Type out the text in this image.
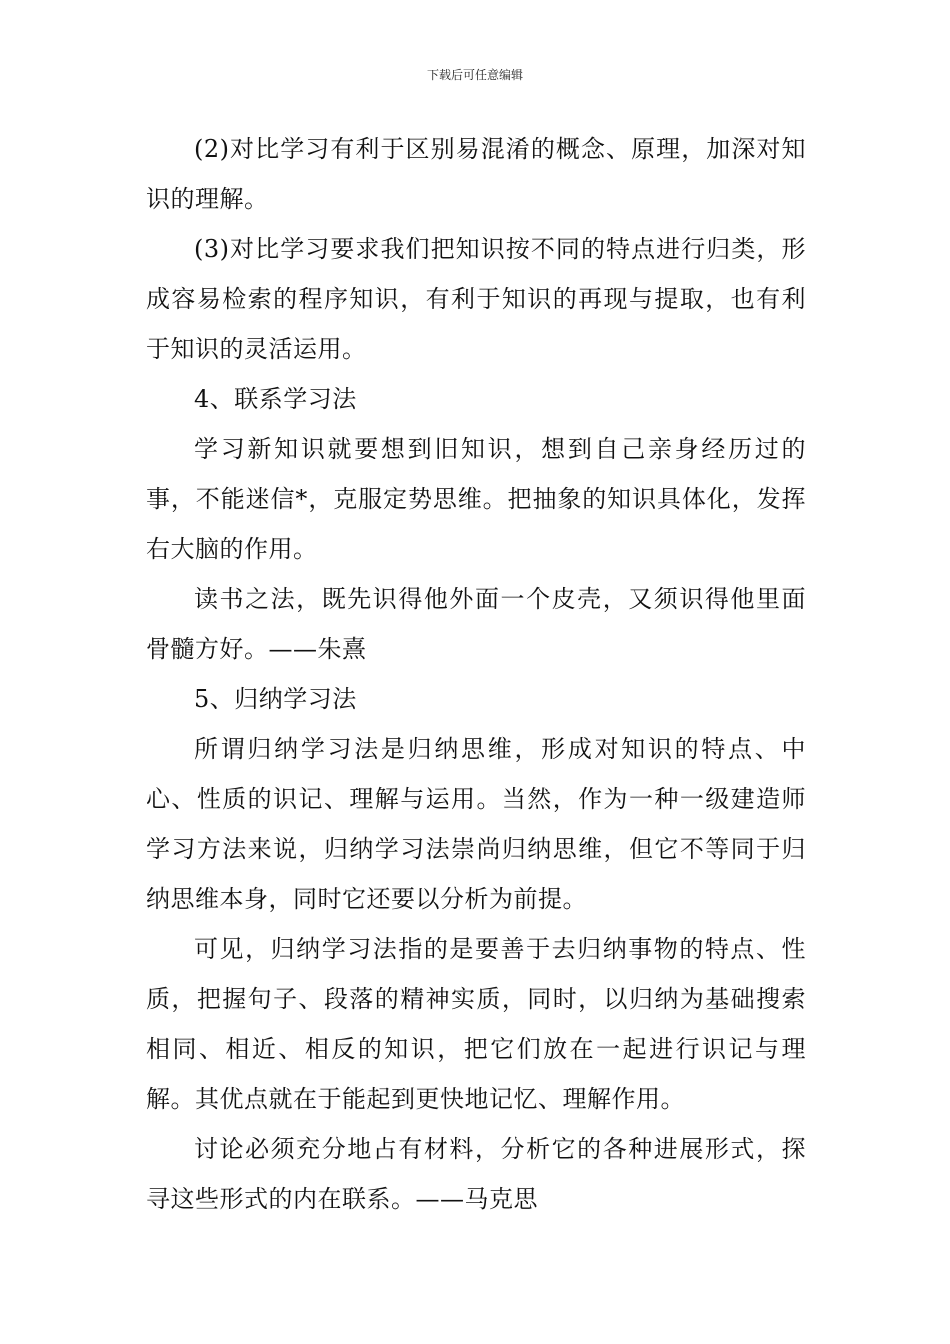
下载后可任意编辑

(2)对比学习有利于区别易混淆的概念、原理，加深对知识的理解。

(3)对比学习要求我们把知识按不同的特点进行归类，形成容易检索的程序知识，有利于知识的再现与提取，也有利于知识的灵活运用。

4、联系学习法

学习新知识就要想到旧知识，想到自己亲身经历过的事，不能迷信*，克服定势思维。把抽象的知识具体化，发挥右大脑的作用。

读书之法，既先识得他外面一个皮壳，又须识得他里面骨髓方好。——朱熹

5、归纳学习法

所谓归纳学习法是归纳思维，形成对知识的特点、中心、性质的识记、理解与运用。当然，作为一种一级建造师学习方法来说，归纳学习法崇尚归纳思维，但它不等同于归纳思维本身，同时它还要以分析为前提。

可见，归纳学习法指的是要善于去归纳事物的特点、性质，把握句子、段落的精神实质，同时，以归纳为基础搜索相同、相近、相反的知识，把它们放在一起进行识记与理解。其优点就在于能起到更快地记忆、理解作用。

讨论必须充分地占有材料，分析它的各种进展形式，探寻这些形式的内在联系。——马克思
